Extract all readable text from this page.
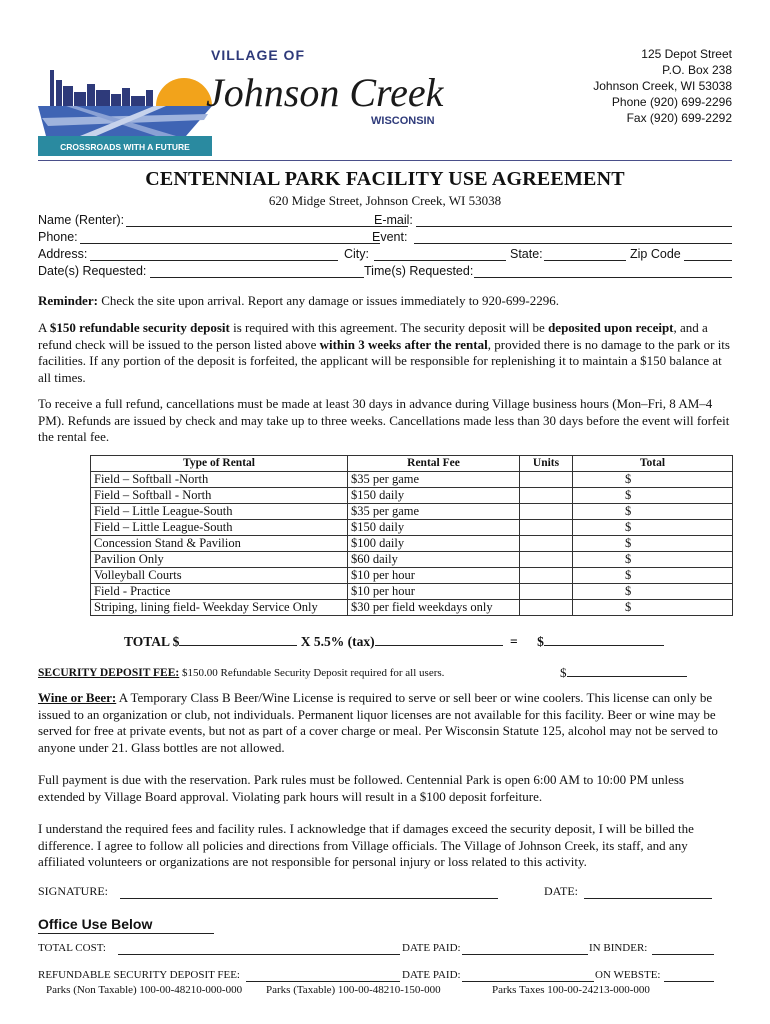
CROSSROADS WITH A FUTURE
VILLAGE OF
Johnson Creek
WISCONSIN
125 Depot Street
P.O. Box 238
Johnson Creek, WI 53038
Phone (920) 699-2296
Fax (920) 699-2292
CENTENNIAL PARK FACILITY USE AGREEMENT
620 Midge Street, Johnson Creek, WI 53038
Name (Renter):	E-mail:
Phone:	Event:
Address:	City:	State:	Zip Code
Date(s) Requested:	Time(s) Requested:
Reminder: Check the site upon arrival. Report any damage or issues immediately to 920-699-2296.
A $150 refundable security deposit is required with this agreement. The security deposit will be deposited upon receipt, and a refund check will be issued to the person listed above within 3 weeks after the rental, provided there is no damage to the park or its facilities. If any portion of the deposit is forfeited, the applicant will be responsible for replenishing it to maintain a $150 balance at all times.
To receive a full refund, cancellations must be made at least 30 days in advance during Village business hours (Mon–Fri, 8 AM–4 PM). Refunds are issued by check and may take up to three weeks. Cancellations made less than 30 days before the event will forfeit the rental fee.
Type of Rental	Rental Fee	Units	Total
Field – Softball -North	$35 per game		$
Field – Softball - North	$150 daily		$
Field – Little League-South	$35 per game		$
Field – Little League-South	$150 daily		$
Concession Stand & Pavilion	$100 daily		$
Pavilion Only	$60 daily		$
Volleyball Courts	$10 per hour		$
Field - Practice	$10 per hour		$
Striping, lining field- Weekday Service Only	$30 per field weekdays only		$
TOTAL $	X 5.5% (tax)	= $
SECURITY DEPOSIT FEE: $150.00 Refundable Security Deposit required for all users.	$
Wine or Beer: A Temporary Class B Beer/Wine License is required to serve or sell beer or wine coolers. This license can only be issued to an organization or club, not individuals. Permanent liquor licenses are not available for this facility. Beer or wine may be served for free at private events, but not as part of a cover charge or meal. Per Wisconsin Statute 125, alcohol may not be served to anyone under 21. Glass bottles are not allowed.
Full payment is due with the reservation. Park rules must be followed. Centennial Park is open 6:00 AM to 10:00 PM unless extended by Village Board approval. Violating park hours will result in a $100 deposit forfeiture.
I understand the required fees and facility rules. I acknowledge that if damages exceed the security deposit, I will be billed the difference. I agree to follow all policies and directions from Village officials. The Village of Johnson Creek, its staff, and any affiliated volunteers or organizations are not responsible for personal injury or loss related to this activity.
SIGNATURE:	DATE:
Office Use Below
TOTAL COST:	DATE PAID:	IN BINDER:
REFUNDABLE SECURITY DEPOSIT FEE:	DATE PAID:	ON WEBSTE:
Parks (Non Taxable) 100-00-48210-000-000 Parks (Taxable) 100-00-48210-150-000	Parks Taxes 100-00-24213-000-000
